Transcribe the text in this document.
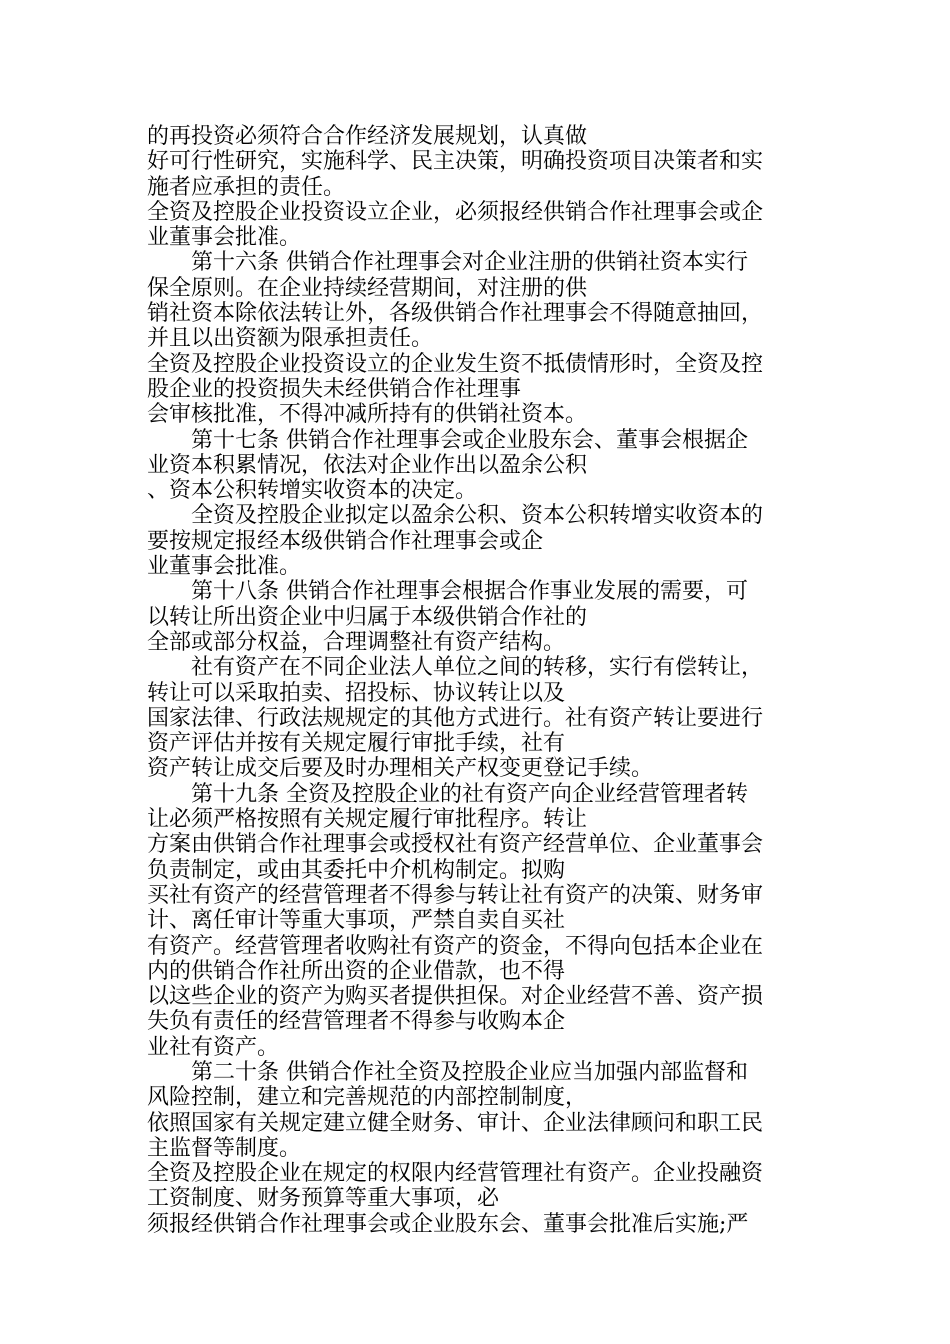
的再投资必须符合合作经济发展规划，认真做
好可行性研究，实施科学、民主决策，明确投资项目决策者和实
施者应承担的责任。
全资及控股企业投资设立企业，必须报经供销合作社理事会或企
业董事会批准。
第十六条 供销合作社理事会对企业注册的供销社资本实行
保全原则。在企业持续经营期间，对注册的供
销社资本除依法转让外，各级供销合作社理事会不得随意抽回，
并且以出资额为限承担责任。
全资及控股企业投资设立的企业发生资不抵债情形时，全资及控
股企业的投资损失未经供销合作社理事
会审核批准，不得冲减所持有的供销社资本。
第十七条 供销合作社理事会或企业股东会、董事会根据企
业资本积累情况，依法对企业作出以盈余公积
、资本公积转增实收资本的决定。
全资及控股企业拟定以盈余公积、资本公积转增实收资本的
要按规定报经本级供销合作社理事会或企
业董事会批准。
第十八条 供销合作社理事会根据合作事业发展的需要，可
以转让所出资企业中归属于本级供销合作社的
全部或部分权益，合理调整社有资产结构。
社有资产在不同企业法人单位之间的转移，实行有偿转让，
转让可以采取拍卖、招投标、协议转让以及
国家法律、行政法规规定的其他方式进行。社有资产转让要进行
资产评估并按有关规定履行审批手续，社有
资产转让成交后要及时办理相关产权变更登记手续。
第十九条 全资及控股企业的社有资产向企业经营管理者转
让必须严格按照有关规定履行审批程序。转让
方案由供销合作社理事会或授权社有资产经营单位、企业董事会
负责制定，或由其委托中介机构制定。拟购
买社有资产的经营管理者不得参与转让社有资产的决策、财务审
计、离任审计等重大事项，严禁自卖自买社
有资产。经营管理者收购社有资产的资金，不得向包括本企业在
内的供销合作社所出资的企业借款，也不得
以这些企业的资产为购买者提供担保。对企业经营不善、资产损
失负有责任的经营管理者不得参与收购本企
业社有资产。
第二十条 供销合作社全资及控股企业应当加强内部监督和
风险控制，建立和完善规范的内部控制制度，
依照国家有关规定建立健全财务、审计、企业法律顾问和职工民
主监督等制度。
全资及控股企业在规定的权限内经营管理社有资产。企业投融资
工资制度、财务预算等重大事项，必
须报经供销合作社理事会或企业股东会、董事会批准后实施;严
